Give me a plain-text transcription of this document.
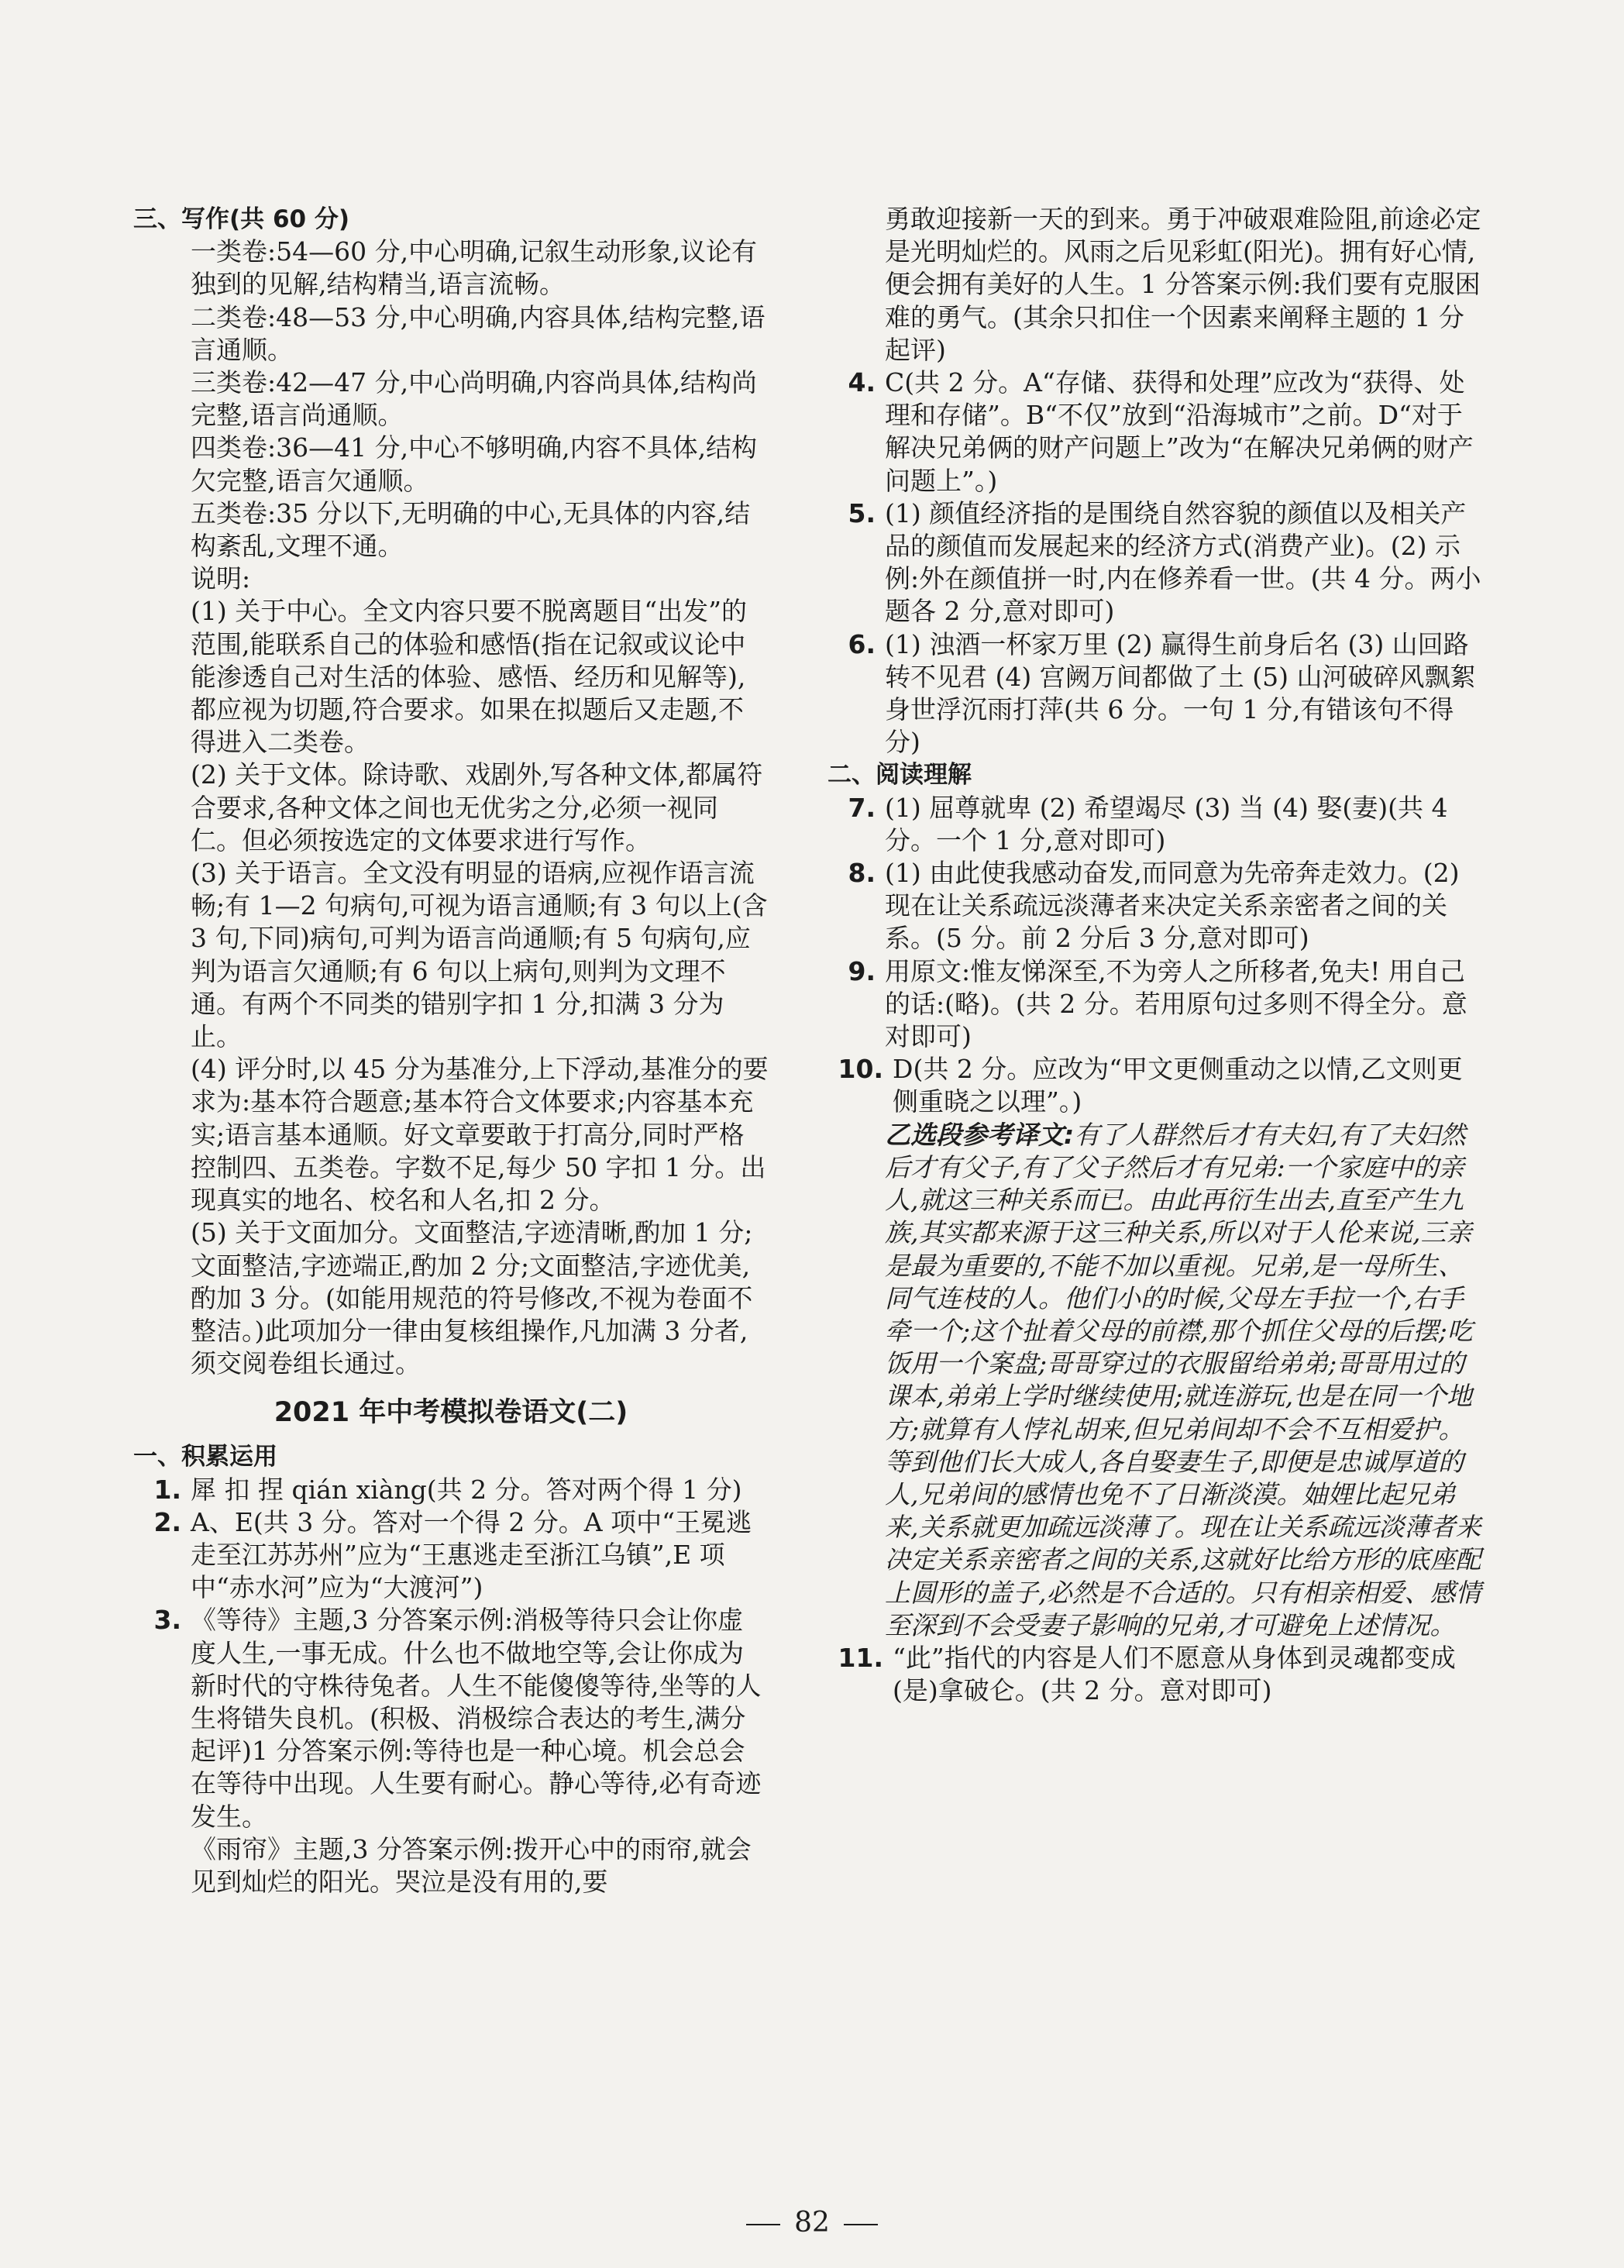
三、写作(共 60 分)
一类卷:54—60 分,中心明确,记叙生动形象,议论有独到的见解,结构精当,语言流畅。
二类卷:48—53 分,中心明确,内容具体,结构完整,语言通顺。
三类卷:42—47 分,中心尚明确,内容尚具体,结构尚完整,语言尚通顺。
四类卷:36—41 分,中心不够明确,内容不具体,结构欠完整,语言欠通顺。
五类卷:35 分以下,无明确的中心,无具体的内容,结构紊乱,文理不通。
说明:
(1) 关于中心。全文内容只要不脱离题目“出发”的范围,能联系自己的体验和感悟(指在记叙或议论中能渗透自己对生活的体验、感悟、经历和见解等),都应视为切题,符合要求。如果在拟题后又走题,不得进入二类卷。
(2) 关于文体。除诗歌、戏剧外,写各种文体,都属符合要求,各种文体之间也无优劣之分,必须一视同仁。但必须按选定的文体要求进行写作。
(3) 关于语言。全文没有明显的语病,应视作语言流畅;有 1—2 句病句,可视为语言通顺;有 3 句以上(含 3 句,下同)病句,可判为语言尚通顺;有 5 句病句,应判为语言欠通顺;有 6 句以上病句,则判为文理不通。有两个不同类的错别字扣 1 分,扣满 3 分为止。
(4) 评分时,以 45 分为基准分,上下浮动,基准分的要求为:基本符合题意;基本符合文体要求;内容基本充实;语言基本通顺。好文章要敢于打高分,同时严格控制四、五类卷。字数不足,每少 50 字扣 1 分。出现真实的地名、校名和人名,扣 2 分。
(5) 关于文面加分。文面整洁,字迹清晰,酌加 1 分;文面整洁,字迹端正,酌加 2 分;文面整洁,字迹优美,酌加 3 分。(如能用规范的符号修改,不视为卷面不整洁。)此项加分一律由复核组操作,凡加满 3 分者,须交阅卷组长通过。
2021 年中考模拟卷语文(二)
一、积累运用
1. 犀 扣 捏 qián xiàng(共 2 分。答对两个得 1 分)
2. A、E(共 3 分。答对一个得 2 分。A 项中“王冕逃走至江苏苏州”应为“王惠逃走至浙江乌镇”,E 项中“赤水河”应为“大渡河”)
3. 《等待》主题,3 分答案示例:消极等待只会让你虚度人生,一事无成。什么也不做地空等,会让你成为新时代的守株待兔者。人生不能傻傻等待,坐等的人生将错失良机。(积极、消极综合表达的考生,满分起评)1 分答案示例:等待也是一种心境。机会总会在等待中出现。人生要有耐心。静心等待,必有奇迹发生。
《雨帘》主题,3 分答案示例:拨开心中的雨帘,就会见到灿烂的阳光。哭泣是没有用的,要
勇敢迎接新一天的到来。勇于冲破艰难险阻,前途必定是光明灿烂的。风雨之后见彩虹(阳光)。拥有好心情,便会拥有美好的人生。1 分答案示例:我们要有克服困难的勇气。(其余只扣住一个因素来阐释主题的 1 分起评)
4. C(共 2 分。A“存储、获得和处理”应改为“获得、处理和存储”。B“不仅”放到“沿海城市”之前。D“对于解决兄弟俩的财产问题上”改为“在解决兄弟俩的财产问题上”。)
5. (1) 颜值经济指的是围绕自然容貌的颜值以及相关产品的颜值而发展起来的经济方式(消费产业)。(2) 示例:外在颜值拼一时,内在修养看一世。(共 4 分。两小题各 2 分,意对即可)
6. (1) 浊酒一杯家万里 (2) 赢得生前身后名 (3) 山回路转不见君 (4) 宫阙万间都做了土 (5) 山河破碎风飘絮 身世浮沉雨打萍(共 6 分。一句 1 分,有错该句不得分)
二、阅读理解
7. (1) 屈尊就卑 (2) 希望竭尽 (3) 当 (4) 娶(妻)(共 4 分。一个 1 分,意对即可)
8. (1) 由此使我感动奋发,而同意为先帝奔走效力。(2) 现在让关系疏远淡薄者来决定关系亲密者之间的关系。(5 分。前 2 分后 3 分,意对即可)
9. 用原文:惟友悌深至,不为旁人之所移者,免夫! 用自己的话:(略)。(共 2 分。若用原句过多则不得全分。意对即可)
10. D(共 2 分。应改为“甲文更侧重动之以情,乙文则更侧重晓之以理”。)
乙选段参考译文:有了人群然后才有夫妇,有了夫妇然后才有父子,有了父子然后才有兄弟:一个家庭中的亲人,就这三种关系而已。由此再衍生出去,直至产生九族,其实都来源于这三种关系,所以对于人伦来说,三亲是最为重要的,不能不加以重视。兄弟,是一母所生、同气连枝的人。他们小的时候,父母左手拉一个,右手牵一个;这个扯着父母的前襟,那个抓住父母的后摆;吃饭用一个案盘;哥哥穿过的衣服留给弟弟;哥哥用过的课本,弟弟上学时继续使用;就连游玩,也是在同一个地方;就算有人悖礼胡来,但兄弟间却不会不互相爱护。等到他们长大成人,各自娶妻生子,即便是忠诚厚道的人,兄弟间的感情也免不了日渐淡漠。妯娌比起兄弟来,关系就更加疏远淡薄了。现在让关系疏远淡薄者来决定关系亲密者之间的关系,这就好比给方形的底座配上圆形的盖子,必然是不合适的。只有相亲相爱、感情至深到不会受妻子影响的兄弟,才可避免上述情况。
11. “此”指代的内容是人们不愿意从身体到灵魂都变成(是)拿破仑。(共 2 分。意对即可)
82
